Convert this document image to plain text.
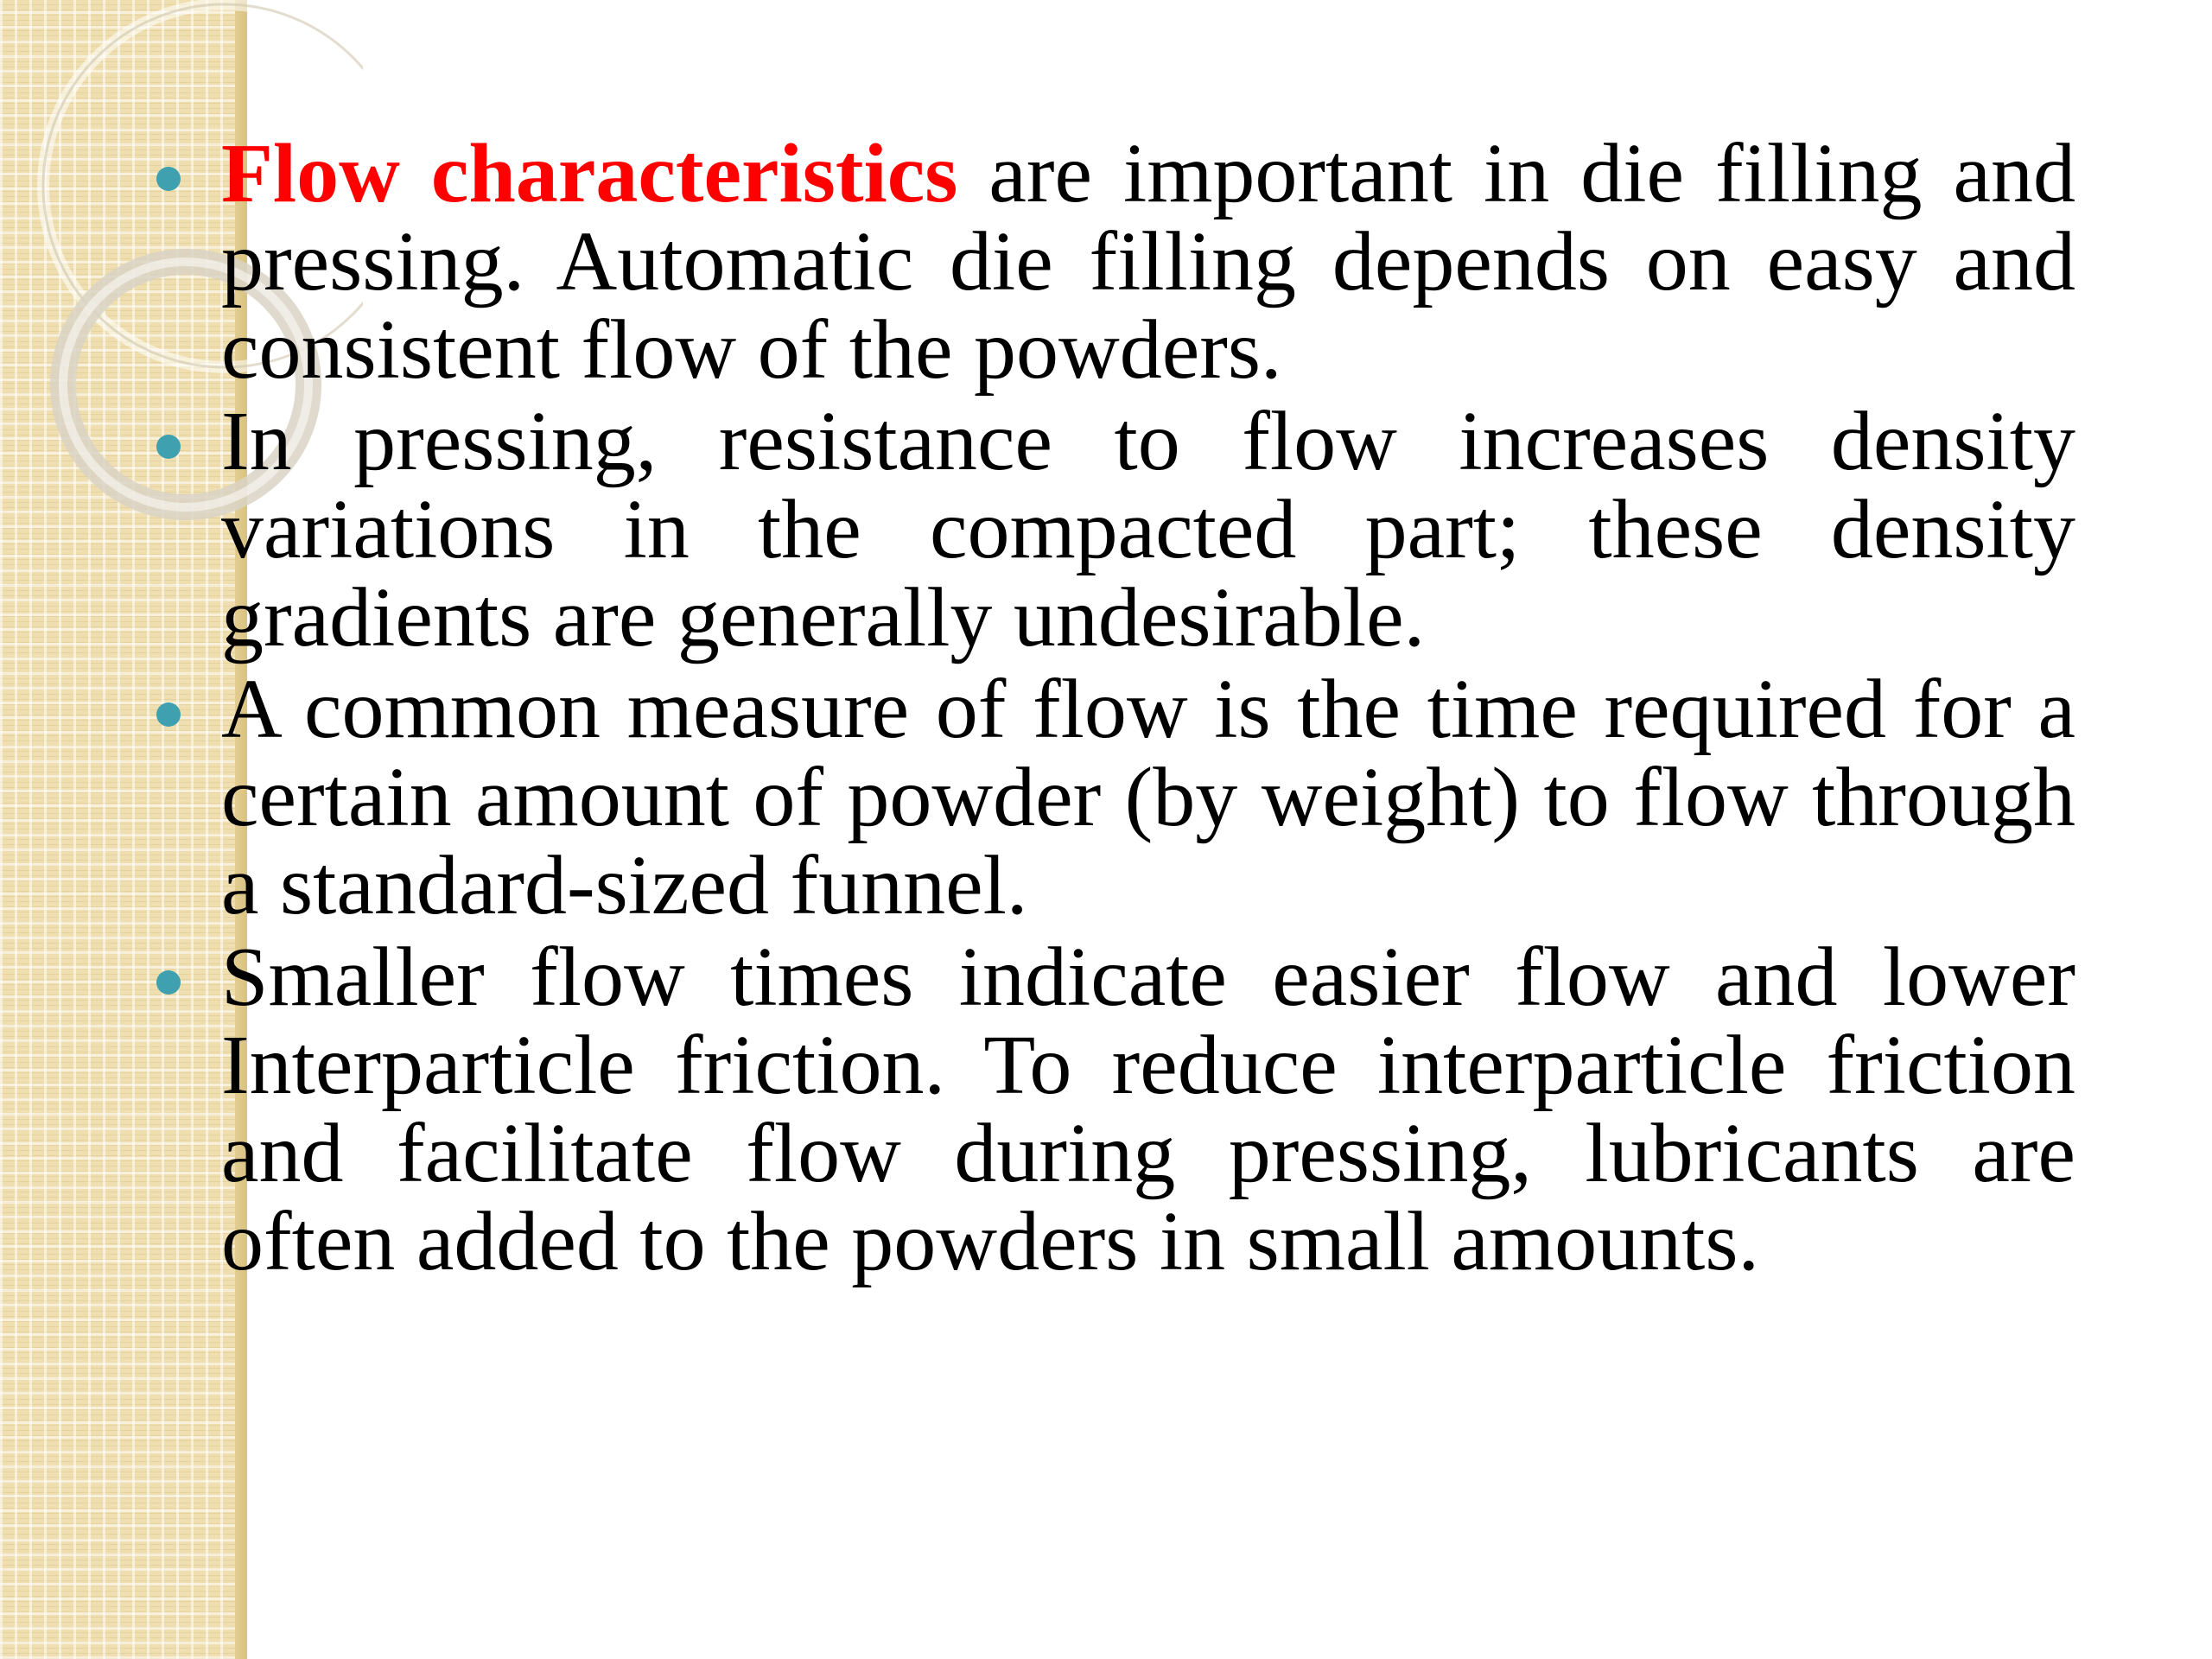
Flow characteristics are important in die filling and pressing. Automatic die filling depends on easy and consistent flow of the powders.
In pressing, resistance to flow increases density variations in the compacted part; these density gradients are generally undesirable.
A common measure of flow is the time required for a certain amount of powder (by weight) to flow through a standard-sized funnel.
Smaller flow times indicate easier flow and lower Interparticle friction. To reduce interparticle friction and facilitate flow during pressing, lubricants are often added to the powders in small amounts.
